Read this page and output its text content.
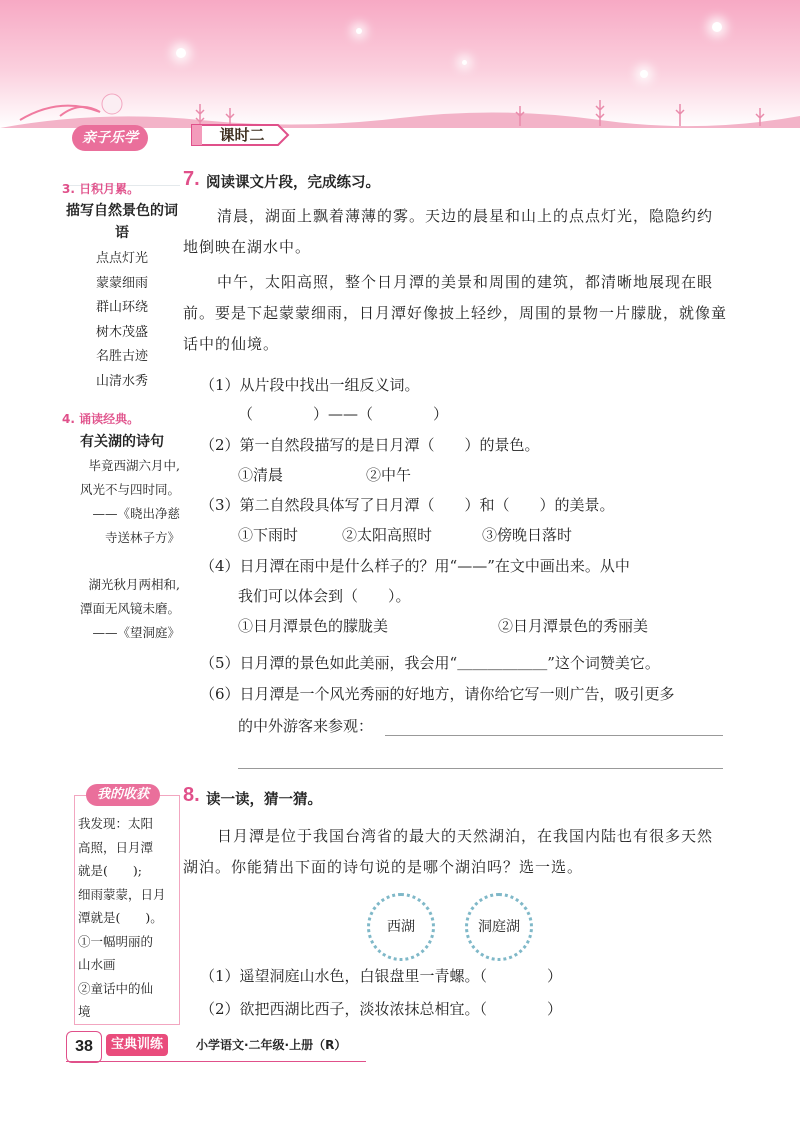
亲子乐学
3. 日积月累。
描写自然景色的词语
点点灯光
蒙蒙细雨
群山环绕
树木茂盛
名胜古迹
山清水秀
4. 诵读经典。
有关湖的诗句
毕竟西湖六月中,
风光不与四时同。
——《晓出净慈
寺送林子方》
湖光秋月两相和,
潭面无风镜未磨。
——《望洞庭》
我的收获
我发现：太阳
高照，日月潭
就是(　　);
细雨蒙蒙，日月
潭就是(　　)。
①一幅明丽的
山水画
②童话中的仙
境
课时二
7. 阅读课文片段，完成练习。
清晨，湖面上飘着薄薄的雾。天边的晨星和山上的点点灯光，隐隐约约地倒映在湖水中。
中午，太阳高照，整个日月潭的美景和周围的建筑，都清晰地展现在眼前。要是下起蒙蒙细雨，日月潭好像披上轻纱，周围的景物一片朦胧，就像童话中的仙境。
（1）从片段中找出一组反义词。
（　　　　）——（　　　　）
（2）第一自然段描写的是日月潭（　　）的景色。
①清晨	②中午
（3）第二自然段具体写了日月潭（　　）和（　　）的美景。
①下雨时	②太阳高照时	③傍晚日落时
（4）日月潭在雨中是什么样子的？用“——”在文中画出来。从中
我们可以体会到（　　）。
①日月潭景色的朦胧美	②日月潭景色的秀丽美
（5）日月潭的景色如此美丽，我会用“＿＿＿＿＿＿”这个词赞美它。
（6）日月潭是一个风光秀丽的好地方，请你给它写一则广告，吸引更多
的中外游客来参观：
8. 读一读，猜一猜。
日月潭是位于我国台湾省的最大的天然湖泊，在我国内陆也有很多天然湖泊。你能猜出下面的诗句说的是哪个湖泊吗？选一选。
西湖	洞庭湖
（1）遥望洞庭山水色，白银盘里一青螺。（　　　　）
（2）欲把西湖比西子，淡妆浓抹总相宜。（　　　　）
38	宝典训练	小学语文·二年级·上册（R）
